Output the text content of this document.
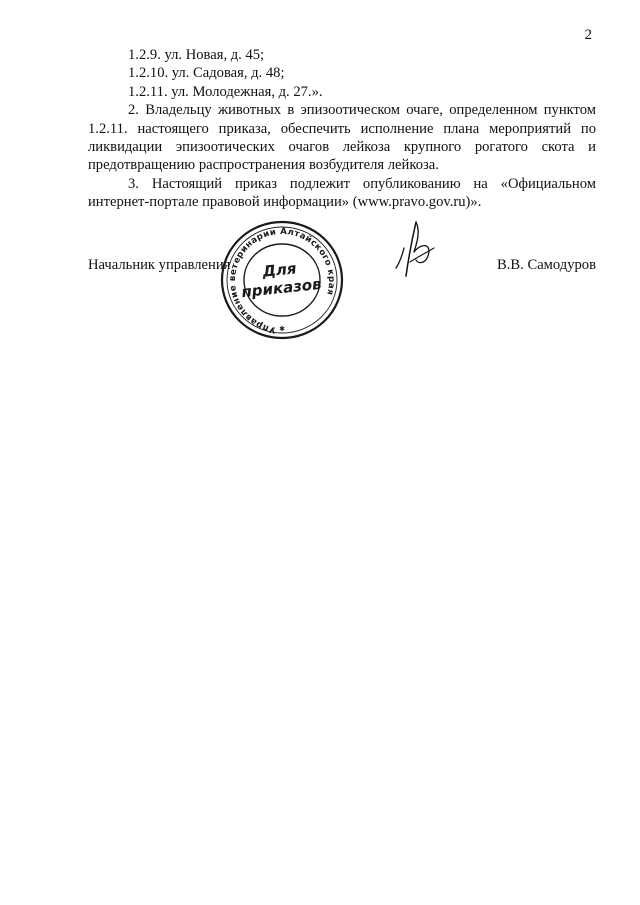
2

1.2.9. ул. Новая, д. 45;

1.2.10. ул. Садовая, д. 48;

1.2.11. ул. Молодежная, д. 27.».

2. Владельцу животных в эпизоотическом очаге, определенном пунктом 1.2.11. настоящего приказа, обеспечить исполнение плана мероприятий по ликвидации эпизоотических очагов лейкоза крупного рогатого скота и предотвращению распространения возбудителя лейкоза.

3. Настоящий приказ подлежит опубликованию на «Официальном интернет-портале правовой информации» (www.pravo.gov.ru)».

Начальник управления	В.В. Самодуров
Управление ветеринарии Алтайского края
Для
приказов
✱
